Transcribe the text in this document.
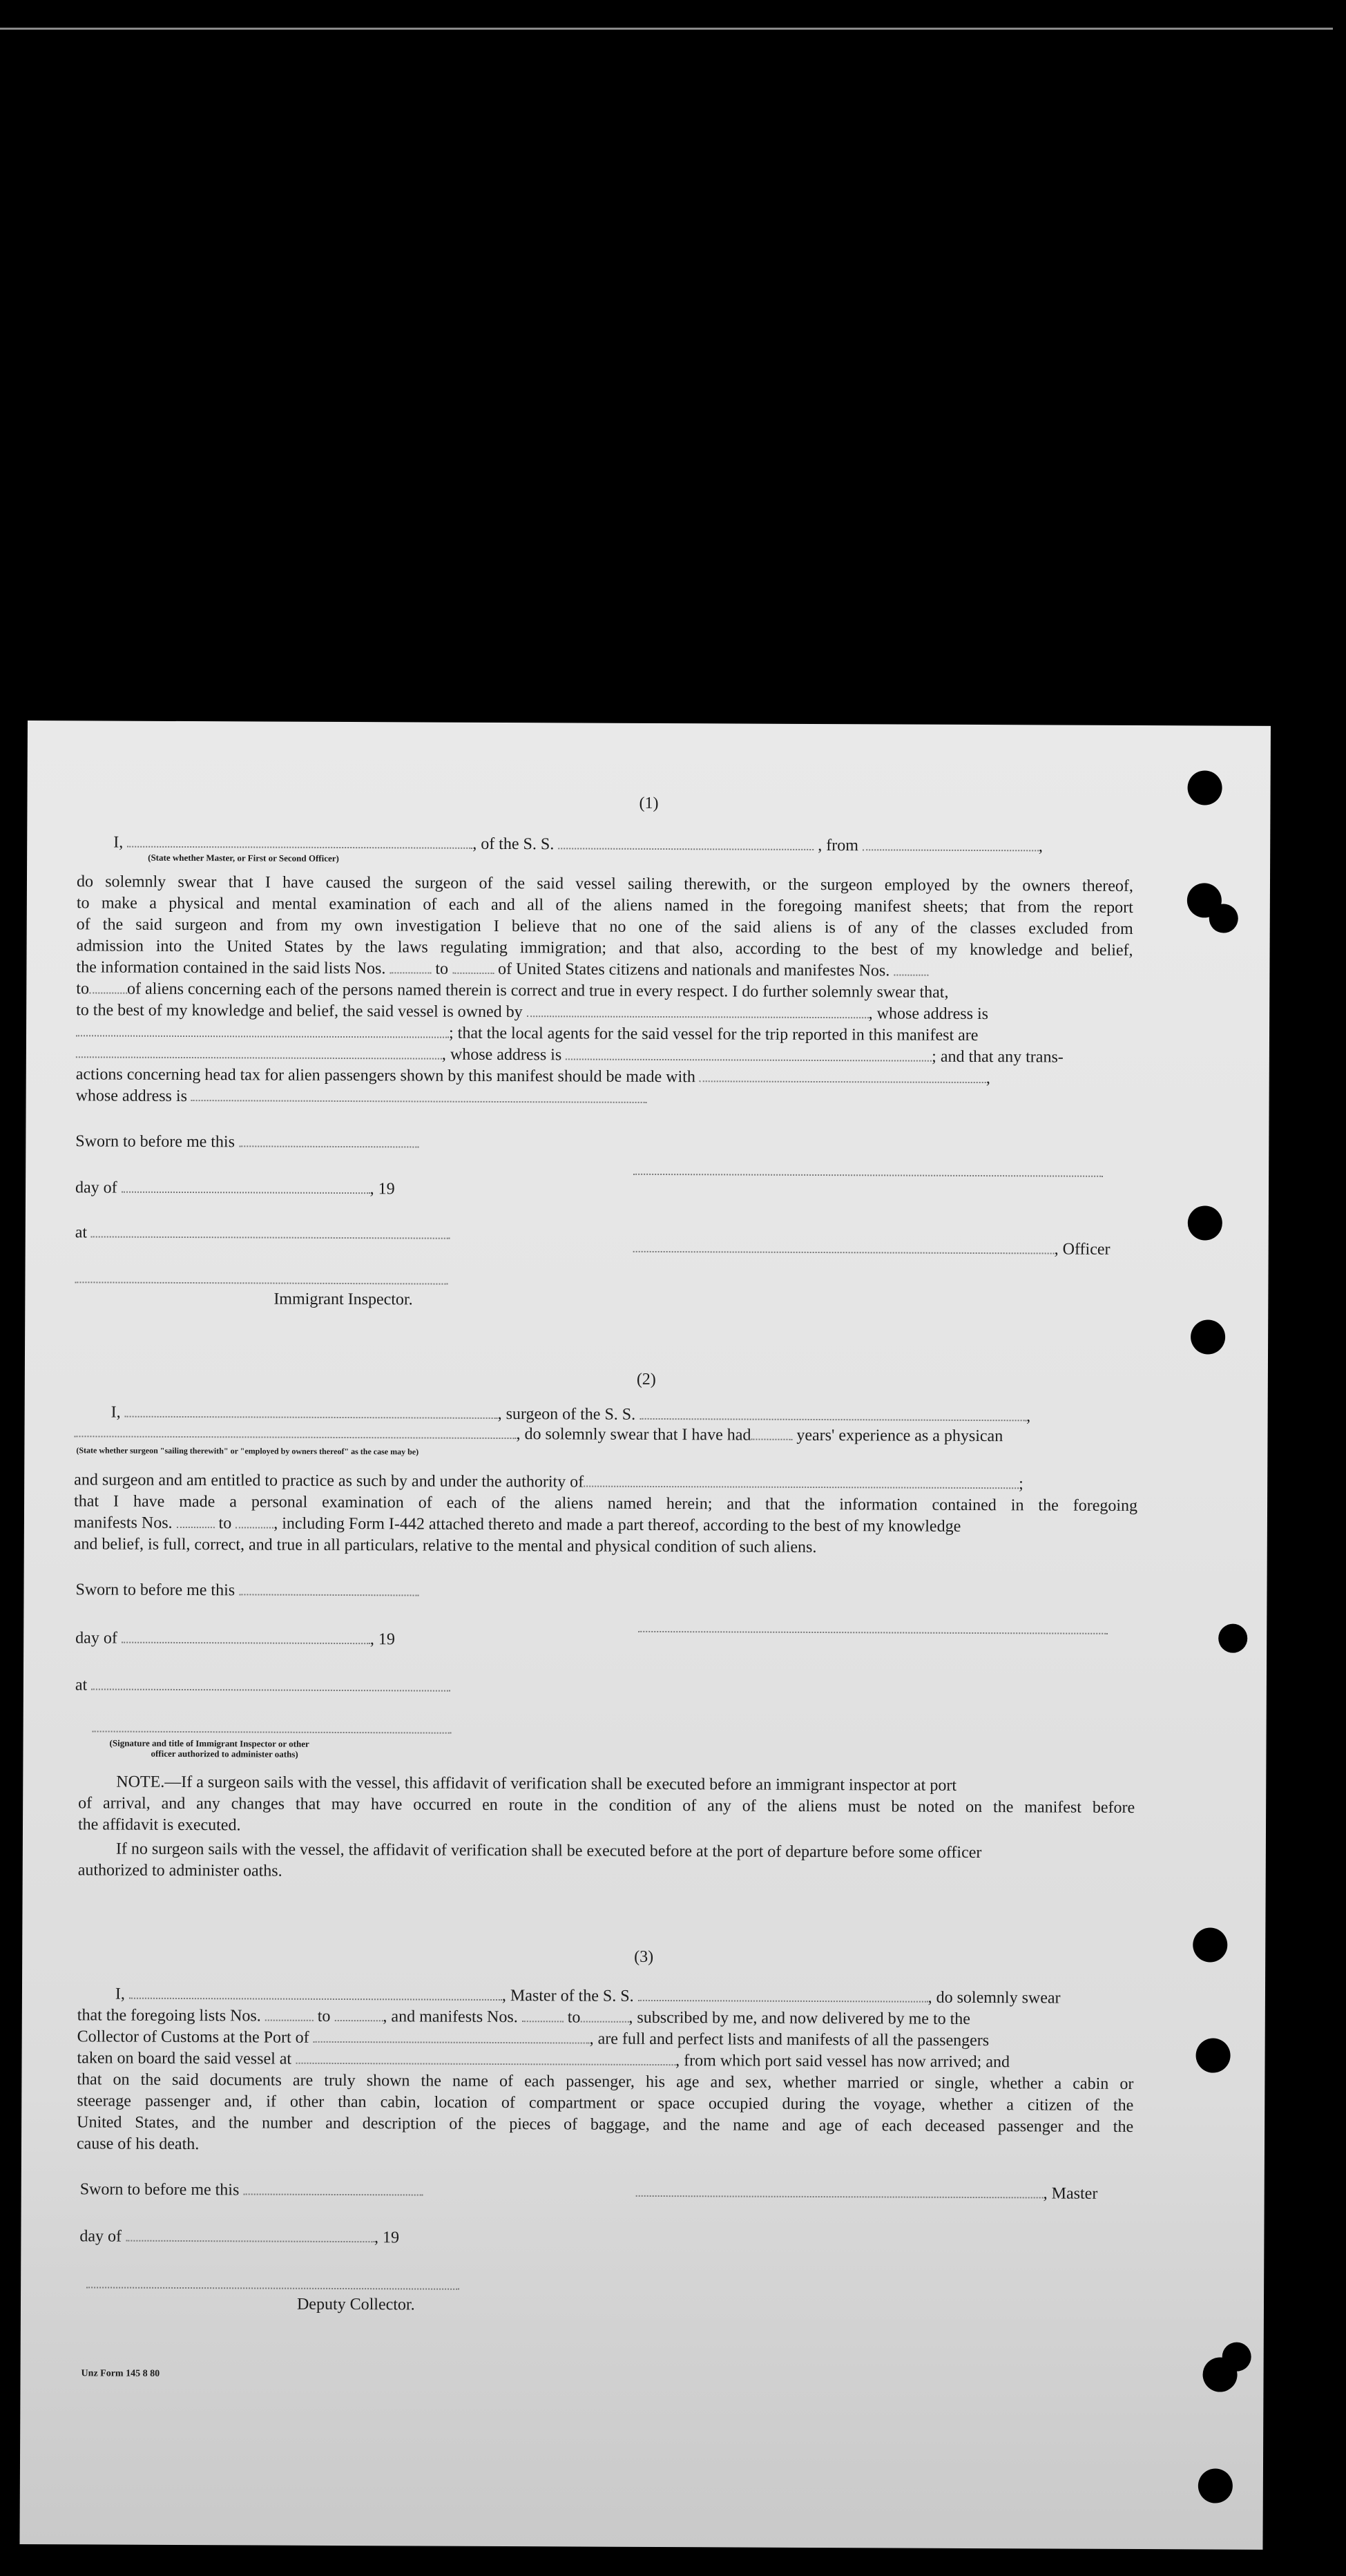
(1)
I,	, of the S. S.	, from	,
(State whether Master, or First or Second Officer)
do solemnly swear that I have caused the surgeon of the said vessel sailing therewith, or the surgeon employed by the owners thereof,
to make a physical and mental examination of each and all of the aliens named in the foregoing manifest sheets; that from the report
of the said surgeon and from my own investigation I believe that no one of the said aliens is of any of the classes excluded from
admission into the United States by the laws regulating immigration; and that also, according to the best of my knowledge and belief,
the information contained in the said lists Nos.	to	of United States citizens and nationals and manifestes Nos.
to of aliens concerning each of the persons named therein is correct and true in every respect. I do further solemnly swear that,
to the best of my knowledge and belief, the said vessel is owned by	, whose address is
; that the local agents for the said vessel for the trip reported in this manifest are
, whose address is	; and that any trans-
actions concerning head tax for alien passengers shown by this manifest should be made with	,
whose address is
Sworn to before me this
day of	, 19
at
, Officer
Immigrant Inspector.
(2)
I,	, surgeon of the S. S.	,
, do solemnly swear that I have had	years' experience as a physican
(State whether surgeon "sailing therewith" or "employed by owners thereof" as the case may be)
and surgeon and am entitled to practice as such by and under the authority of	;
that I have made a personal examination of each of the aliens named herein; and that the information contained in the foregoing
manifests Nos.	to	, including Form I-442 attached thereto and made a part thereof, according to the best of my knowledge
and belief, is full, correct, and true in all particulars, relative to the mental and physical condition of such aliens.
Sworn to before me this
day of	, 19
at
(Signature and title of Immigrant Inspector or other
officer authorized to administer oaths)
NOTE.—If a surgeon sails with the vessel, this affidavit of verification shall be executed before an immigrant inspector at port
of arrival, and any changes that may have occurred en route in the condition of any of the aliens must be noted on the manifest before
the affidavit is executed.
If no surgeon sails with the vessel, the affidavit of verification shall be executed before at the port of departure before some officer
authorized to administer oaths.
(3)
I,	, Master of the S. S.	, do solemnly swear
that the foregoing lists Nos.	to	, and manifests Nos.	to	, subscribed by me, and now delivered by me to the
Collector of Customs at the Port of	, are full and perfect lists and manifests of all the passengers
taken on board the said vessel at	, from which port said vessel has now arrived; and
that on the said documents are truly shown the name of each passenger, his age and sex, whether married or single, whether a cabin or
steerage passenger and, if other than cabin, location of compartment or space occupied during the voyage, whether a citizen of the
United States, and the number and description of the pieces of baggage, and the name and age of each deceased passenger and the
cause of his death.
Sworn to before me this	, Master
day of	, 19
Deputy Collector.
Unz Form 145 8 80
